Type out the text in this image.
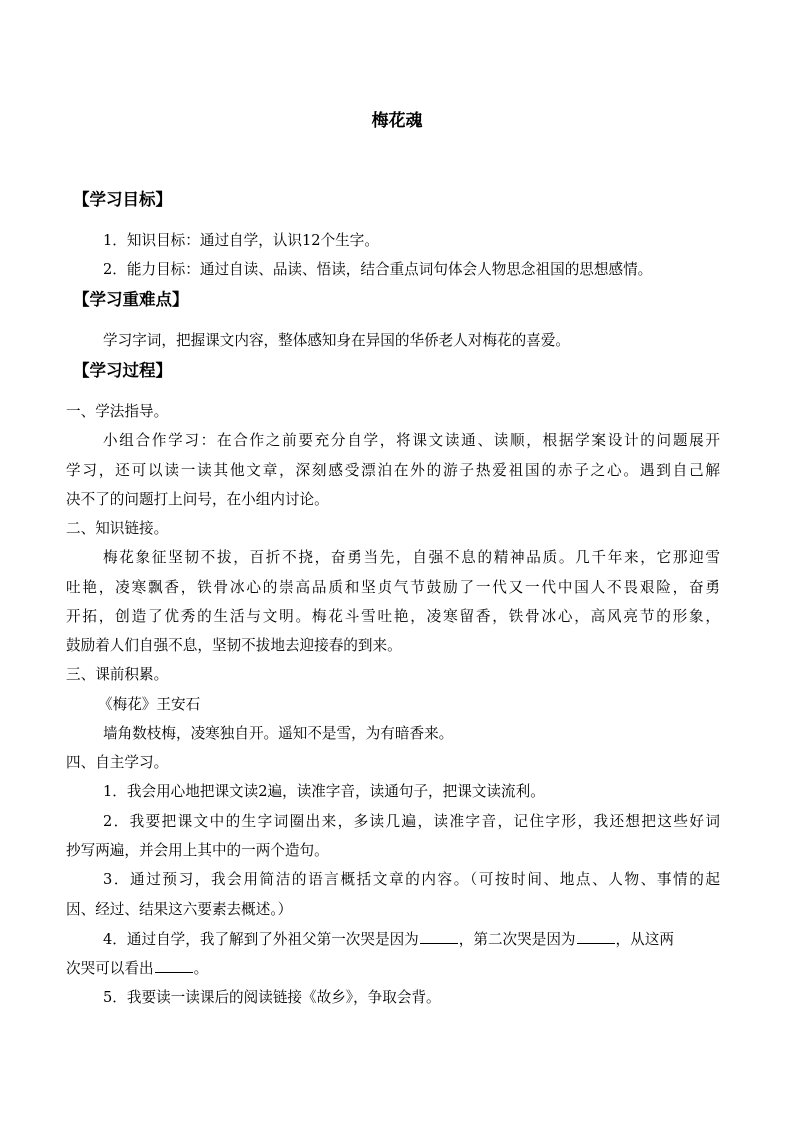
梅花魂
【学习目标】
1．知识目标：通过自学，认识12个生字。
2．能力目标：通过自读、品读、悟读，结合重点词句体会人物思念祖国的思想感情。
【学习重难点】
学习字词，把握课文内容，整体感知身在异国的华侨老人对梅花的喜爱。
【学习过程】
一、学法指导。
小组合作学习：在合作之前要充分自学，将课文读通、读顺，根据学案设计的问题展开
学习，还可以读一读其他文章，深刻感受漂泊在外的游子热爱祖国的赤子之心。遇到自己解
决不了的问题打上问号，在小组内讨论。
二、知识链接。
梅花象征坚韧不拔，百折不挠，奋勇当先，自强不息的精神品质。几千年来，它那迎雪
吐艳，凌寒飘香，铁骨冰心的崇高品质和坚贞气节鼓励了一代又一代中国人不畏艰险，奋勇
开拓，创造了优秀的生活与文明。梅花斗雪吐艳，凌寒留香，铁骨冰心，高风亮节的形象，
鼓励着人们自强不息，坚韧不拔地去迎接春的到来。
三、课前积累。
《梅花》王安石
墙角数枝梅，凌寒独自开。遥知不是雪，为有暗香来。
四、自主学习。
1．我会用心地把课文读2遍，读准字音，读通句子，把课文读流利。
2．我要把课文中的生字词圈出来，多读几遍，读准字音，记住字形，我还想把这些好词
抄写两遍，并会用上其中的一两个造句。
3．通过预习，我会用简洁的语言概括文章的内容。（可按时间、地点、人物、事情的起
因、经过、结果这六要素去概述。）
4．通过自学，我了解到了外祖父第一次哭是因为	，第二次哭是因为	，从这两
次哭可以看出	。
5．我要读一读课后的阅读链接《故乡》，争取会背。
